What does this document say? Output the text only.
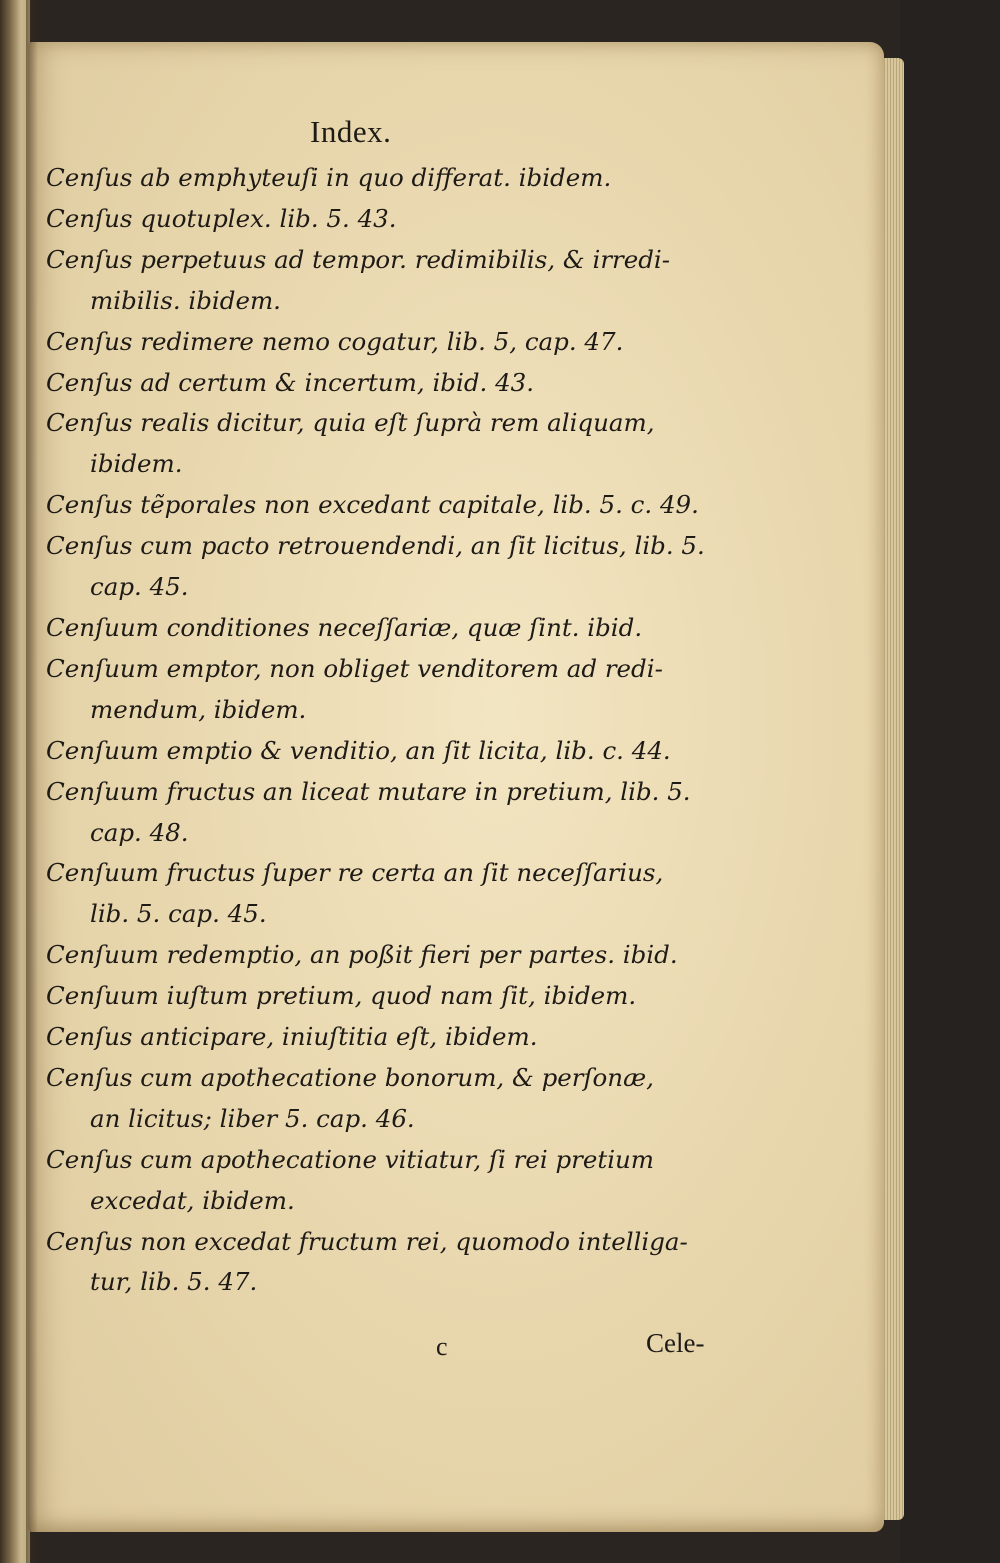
Index.
Cenſus ab emphyteuſi in quo differat. ibidem.
Cenſus quotuplex. lib. 5. 43.
Cenſus perpetuus ad tempor. redimibilis, & irredi-
mibilis. ibidem.
Cenſus redimere nemo cogatur, lib. 5, cap. 47.
Cenſus ad certum & incertum, ibid. 43.
Cenſus realis dicitur, quia eſt ſuprà rem aliquam,
ibidem.
Cenſus tẽporales non excedant capitale, lib. 5. c. 49.
Cenſus cum pacto retrouendendi, an ſit licitus, lib. 5.
cap. 45.
Cenſuum conditiones neceſſariæ, quæ ſint. ibid.
Cenſuum emptor, non obliget venditorem ad redi-
mendum, ibidem.
Cenſuum emptio & venditio, an ſit licita, lib. c. 44.
Cenſuum fructus an liceat mutare in pretium, lib. 5.
cap. 48.
Cenſuum fructus ſuper re certa an ſit neceſſarius,
lib. 5. cap. 45.
Cenſuum redemptio, an poßit fieri per partes. ibid.
Cenſuum iuſtum pretium, quod nam ſit, ibidem.
Cenſus anticipare, iniuſtitia eſt, ibidem.
Cenſus cum apothecatione bonorum, & perſonæ,
an licitus; liber 5. cap. 46.
Cenſus cum apothecatione vitiatur, ſi rei pretium
excedat, ibidem.
Cenſus non excedat fructum rei, quomodo intelliga-
tur, lib. 5. 47.
c	Cele-
